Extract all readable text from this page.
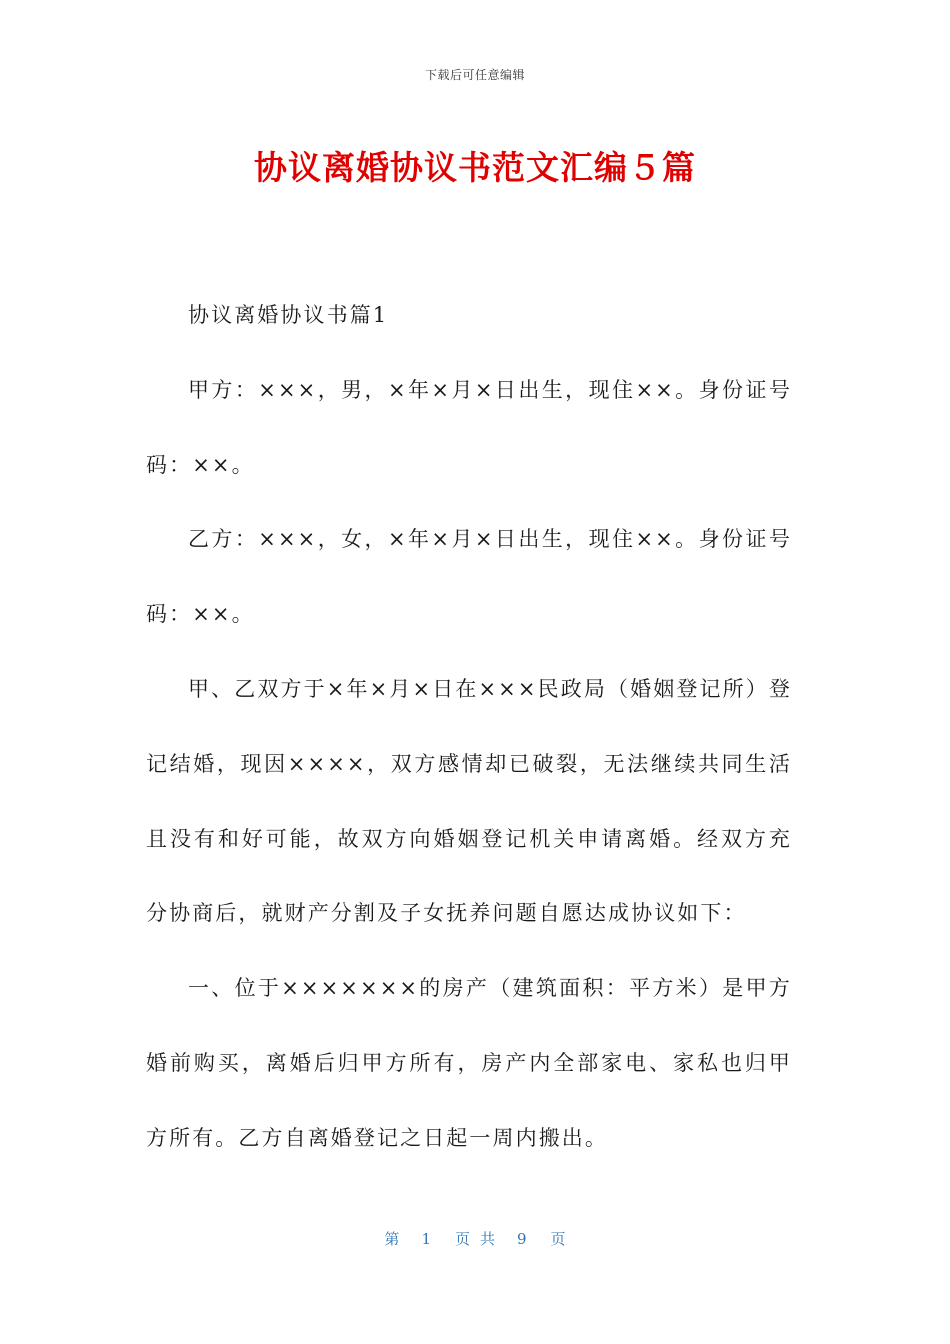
下载后可任意编辑
协议离婚协议书范文汇编５篇

协议离婚协议书篇1

甲方：×××，男，×年×月×日出生，现住××。身份证号码：××。

乙方：×××，女，×年×月×日出生，现住××。身份证号码：××。

甲、乙双方于×年×月×日在×××民政局（婚姻登记所）登记结婚，现因××××，双方感情却已破裂，无法继续共同生活且没有和好可能，故双方向婚姻登记机关申请离婚。经双方充分协商后，就财产分割及子女抚养问题自愿达成协议如下：

一、位于×××××××的房产（建筑面积：平方米）是甲方婚前购买，离婚后归甲方所有，房产内全部家电、家私也归甲方所有。乙方自离婚登记之日起一周内搬出。

第 1 页共 9 页
